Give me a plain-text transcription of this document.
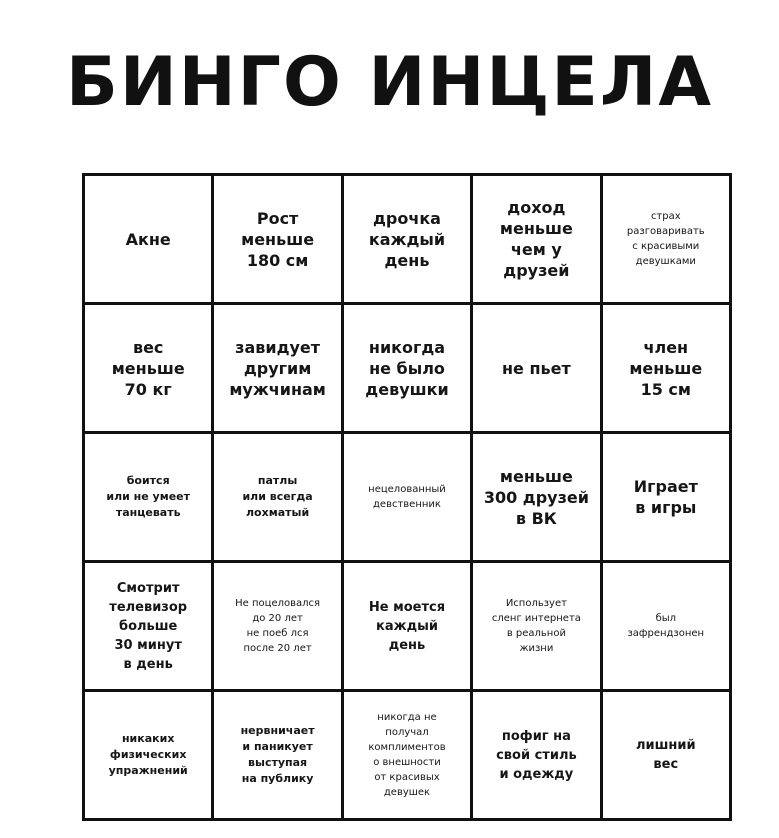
БИНГО ИНЦЕЛА
Акне
Рост
меньше
180 см
дрочка
каждый
день
доход
меньше
чем у
друзей
страх
разговаривать
с красивыми
девушками
вес
меньше
70 кг
завидует
другим
мужчинам
никогда
не было
девушки
не пьет
член
меньше
15 см
боится
или не умеет
танцевать
патлы
или всегда
лохматый
нецелованный
девственник
меньше
300 друзей
в ВК
Играет
в игры
Смотрит
телевизор
больше
30 минут
в день
Не поцеловался
до 20 лет
не поеб лся
после 20 лет
Не моется
каждый
день
Использует
сленг интернета
в реальной
жизни
был
зафрендзонен
никаких
физических
упражнений
нервничает
и паникует
выступая
на публику
никогда не
получал
комплиментов
о внешности
от красивых
девушек
пофиг на
свой стиль
и одежду
лишний
вес
